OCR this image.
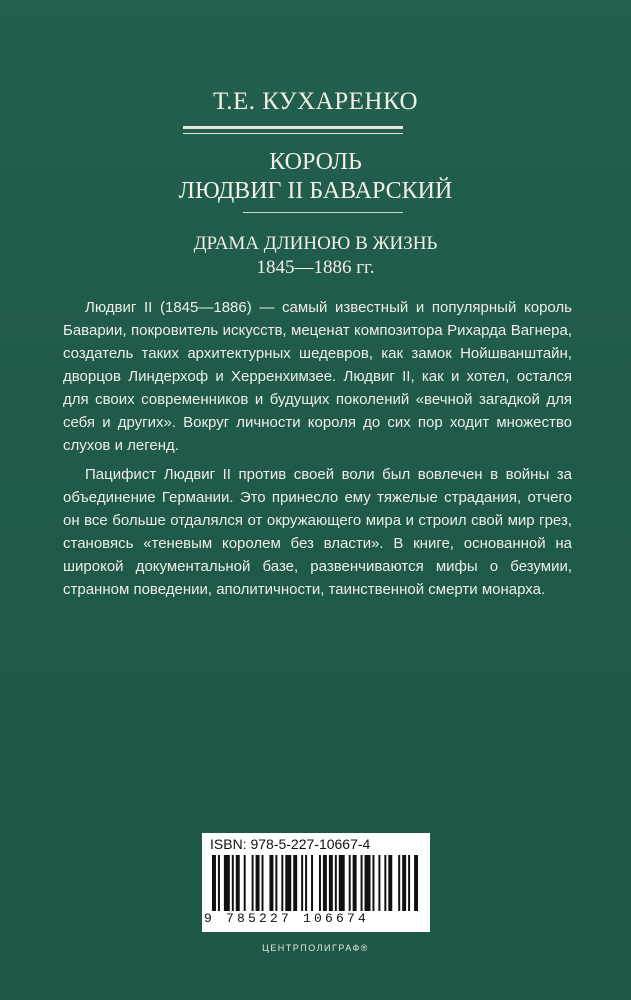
Т.Е. КУХАРЕНКО
КОРОЛЬ
ЛЮДВИГ II БАВАРСКИЙ
ДРАМА ДЛИНОЮ В ЖИЗНЬ
1845—1886 гг.

Людвиг II (1845—1886) — самый известный и популярный король Баварии, покровитель искусств, меценат композитора Рихарда Вагнера, создатель таких архитектурных шедевров, как замок Нойшванштайн, дворцов Линдерхоф и Херренхимзее. Людвиг II, как и хотел, остался для своих современников и будущих поколений «вечной загадкой для себя и других». Вокруг личности короля до сих пор ходит множество слухов и легенд.

Пацифист Людвиг II против своей воли был вовлечен в войны за объединение Германии. Это принесло ему тяжелые страдания, отчего он все больше отдалялся от окружающего мира и строил свой мир грез, становясь «теневым королем без власти». В книге, основанной на широкой документальной базе, развенчиваются мифы о безумии, странном поведении, аполитичности, таинственной смерти монарха.

ISBN: 978-5-227-10667-4
9 785227 106674
ЦЕНТРПОЛИГРАФ®
